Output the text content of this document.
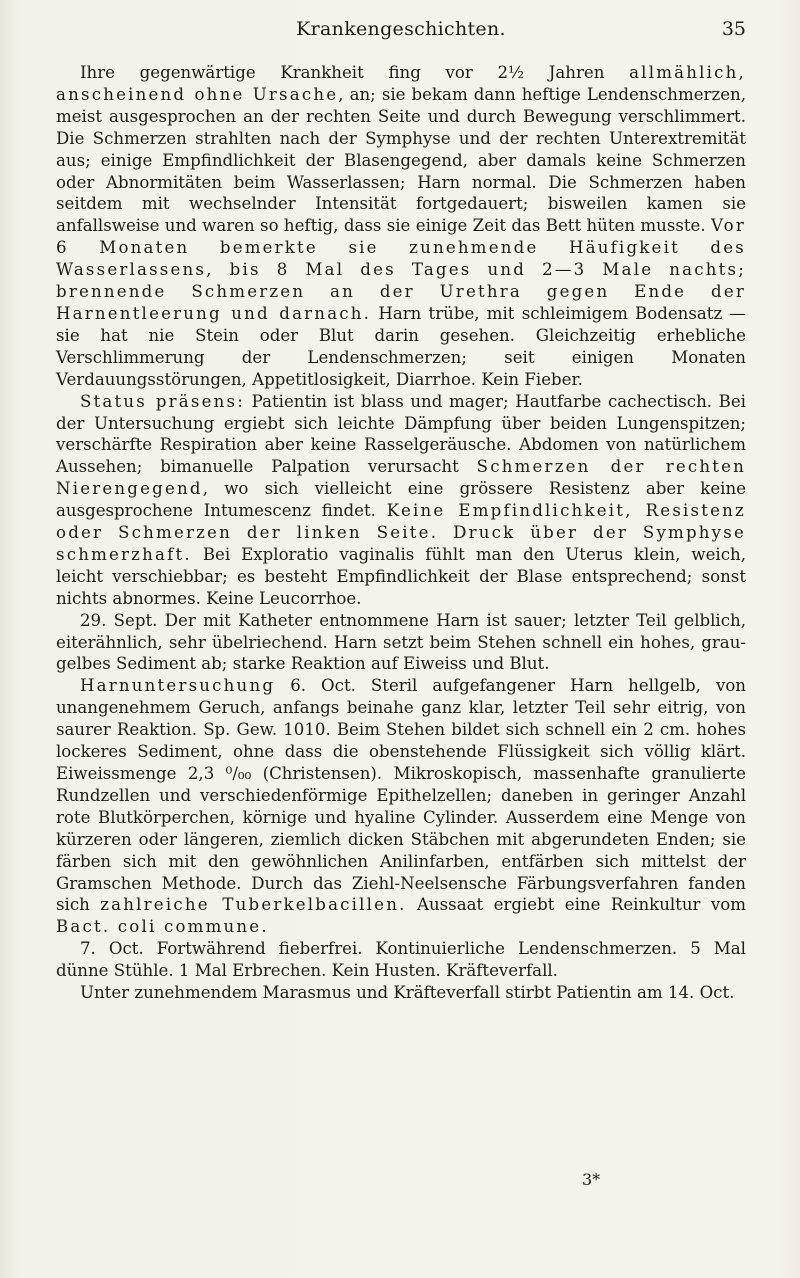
Krankengeschichten.	35

Ihre gegenwärtige Krankheit fing vor 2½ Jahren allmählich, anscheinend ohne Ursache, an; sie bekam dann heftige Lendenschmerzen, meist ausgesprochen an der rechten Seite und durch Bewegung verschlimmert. Die Schmerzen strahlten nach der Symphyse und der rechten Unterextremität aus; einige Empfindlichkeit der Blasengegend, aber damals keine Schmerzen oder Abnormitäten beim Wasserlassen; Harn normal. Die Schmerzen haben seitdem mit wechselnder Intensität fortgedauert; bisweilen kamen sie anfallsweise und waren so heftig, dass sie einige Zeit das Bett hüten musste. Vor 6 Monaten bemerkte sie zunehmende Häufigkeit des Wasserlassens, bis 8 Mal des Tages und 2—3 Male nachts; brennende Schmerzen an der Urethra gegen Ende der Harnentleerung und darnach. Harn trübe, mit schleimigem Bodensatz — sie hat nie Stein oder Blut darin gesehen. Gleichzeitig erhebliche Verschlimmerung der Lendenschmerzen; seit einigen Monaten Verdauungsstörungen, Appetitlosigkeit, Diarrhoe. Kein Fieber.

Status präsens: Patientin ist blass und mager; Hautfarbe cachectisch. Bei der Untersuchung ergiebt sich leichte Dämpfung über beiden Lungenspitzen; verschärfte Respiration aber keine Rasselgeräusche. Abdomen von natürlichem Aussehen; bimanuelle Palpation verursacht Schmerzen der rechten Nierengegend, wo sich vielleicht eine grössere Resistenz aber keine ausgesprochene Intumescenz findet. Keine Empfindlichkeit, Resistenz oder Schmerzen der linken Seite. Druck über der Symphyse schmerzhaft. Bei Exploratio vaginalis fühlt man den Uterus klein, weich, leicht verschiebbar; es besteht Empfindlichkeit der Blase entsprechend; sonst nichts abnormes. Keine Leucorrhoe.

29. Sept. Der mit Katheter entnommene Harn ist sauer; letzter Teil gelblich, eiterähnlich, sehr übelriechend. Harn setzt beim Stehen schnell ein hohes, grau-gelbes Sediment ab; starke Reaktion auf Eiweiss und Blut.

Harnuntersuchung 6. Oct. Steril aufgefangener Harn hellgelb, von unangenehmem Geruch, anfangs beinahe ganz klar, letzter Teil sehr eitrig, von saurer Reaktion. Sp. Gew. 1010. Beim Stehen bildet sich schnell ein 2 cm. hohes lockeres Sediment, ohne dass die obenstehende Flüssigkeit sich völlig klärt. Eiweissmenge 2,3 ⁰/₀₀ (Christensen). Mikroskopisch, massenhafte granulierte Rundzellen und verschiedenförmige Epithelzellen; daneben in geringer Anzahl rote Blutkörperchen, körnige und hyaline Cylinder. Ausserdem eine Menge von kürzeren oder längeren, ziemlich dicken Stäbchen mit abgerundeten Enden; sie färben sich mit den gewöhnlichen Anilinfarben, entfärben sich mittelst der Gramschen Methode. Durch das Ziehl-Neelsensche Färbungsverfahren fanden sich zahlreiche Tuberkelbacillen. Aussaat ergiebt eine Reinkultur vom Bact. coli commune.

7. Oct. Fortwährend fieberfrei. Kontinuierliche Lendenschmerzen. 5 Mal dünne Stühle. 1 Mal Erbrechen. Kein Husten. Kräfteverfall.

Unter zunehmendem Marasmus und Kräfteverfall stirbt Patientin am 14. Oct.

3*
